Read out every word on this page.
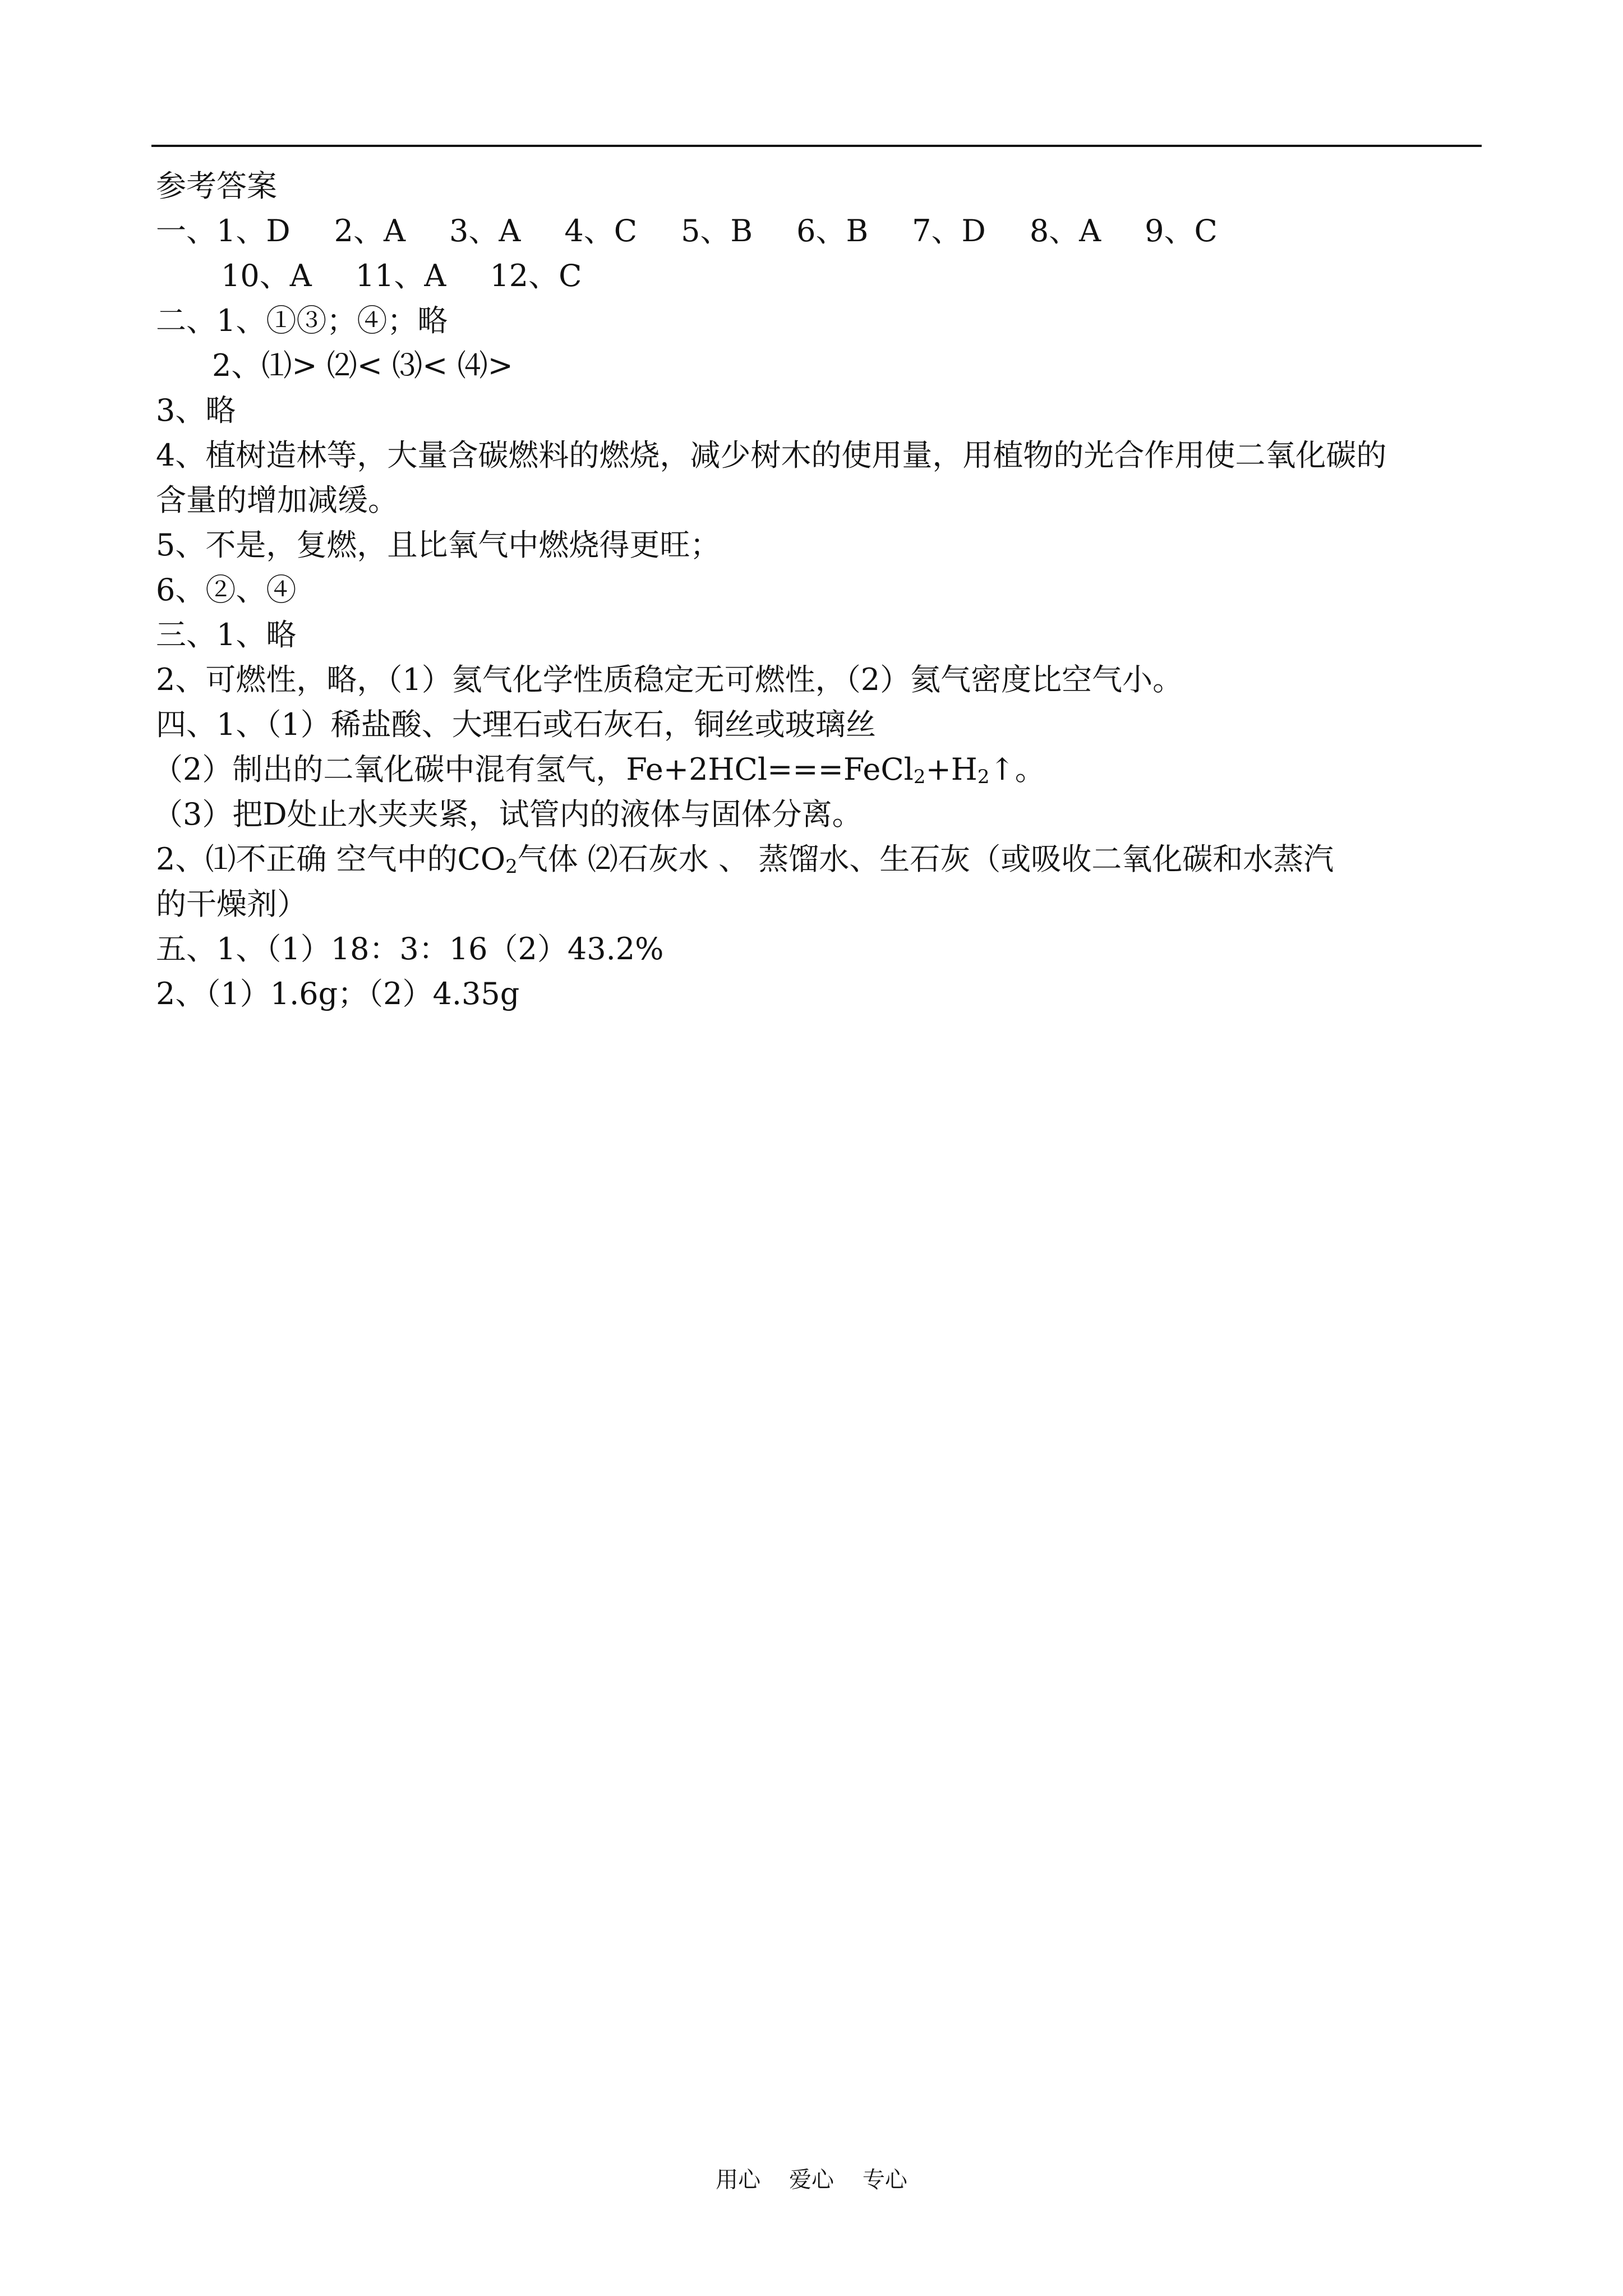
参考答案
一、1、D 2、A 3、A 4、C 5、B 6、B 7、D 8、A 9、C
10、A 11、A 12、C
二、1、①③；④；略
2、⑴> ⑵< ⑶< ⑷>
3、略
4、植树造林等，大量含碳燃料的燃烧，减少树木的使用量，用植物的光合作用使二氧化碳的
含量的增加减缓。
5、不是，复燃，且比氧气中燃烧得更旺；
6、②、④
三、1、略
2、可燃性，略，（1）氦气化学性质稳定无可燃性，（2）氦气密度比空气小。
四、1、（1）稀盐酸、大理石或石灰石，铜丝或玻璃丝
（2）制出的二氧化碳中混有氢气，$Fe+2HCl===FeCl_2+H_2↑$。
（3）把D处止水夹夹紧，试管内的液体与固体分离。
2、⑴不正确 空气中的$CO_2$气体 ⑵石灰水 、 蒸馏水、生石灰（或吸收二氧化碳和水蒸汽
的干燥剂）
五、1、（1）18：3：16（2）43.2%
2、（1）1.6g；（2）4.35g
用心    爱心    专心
